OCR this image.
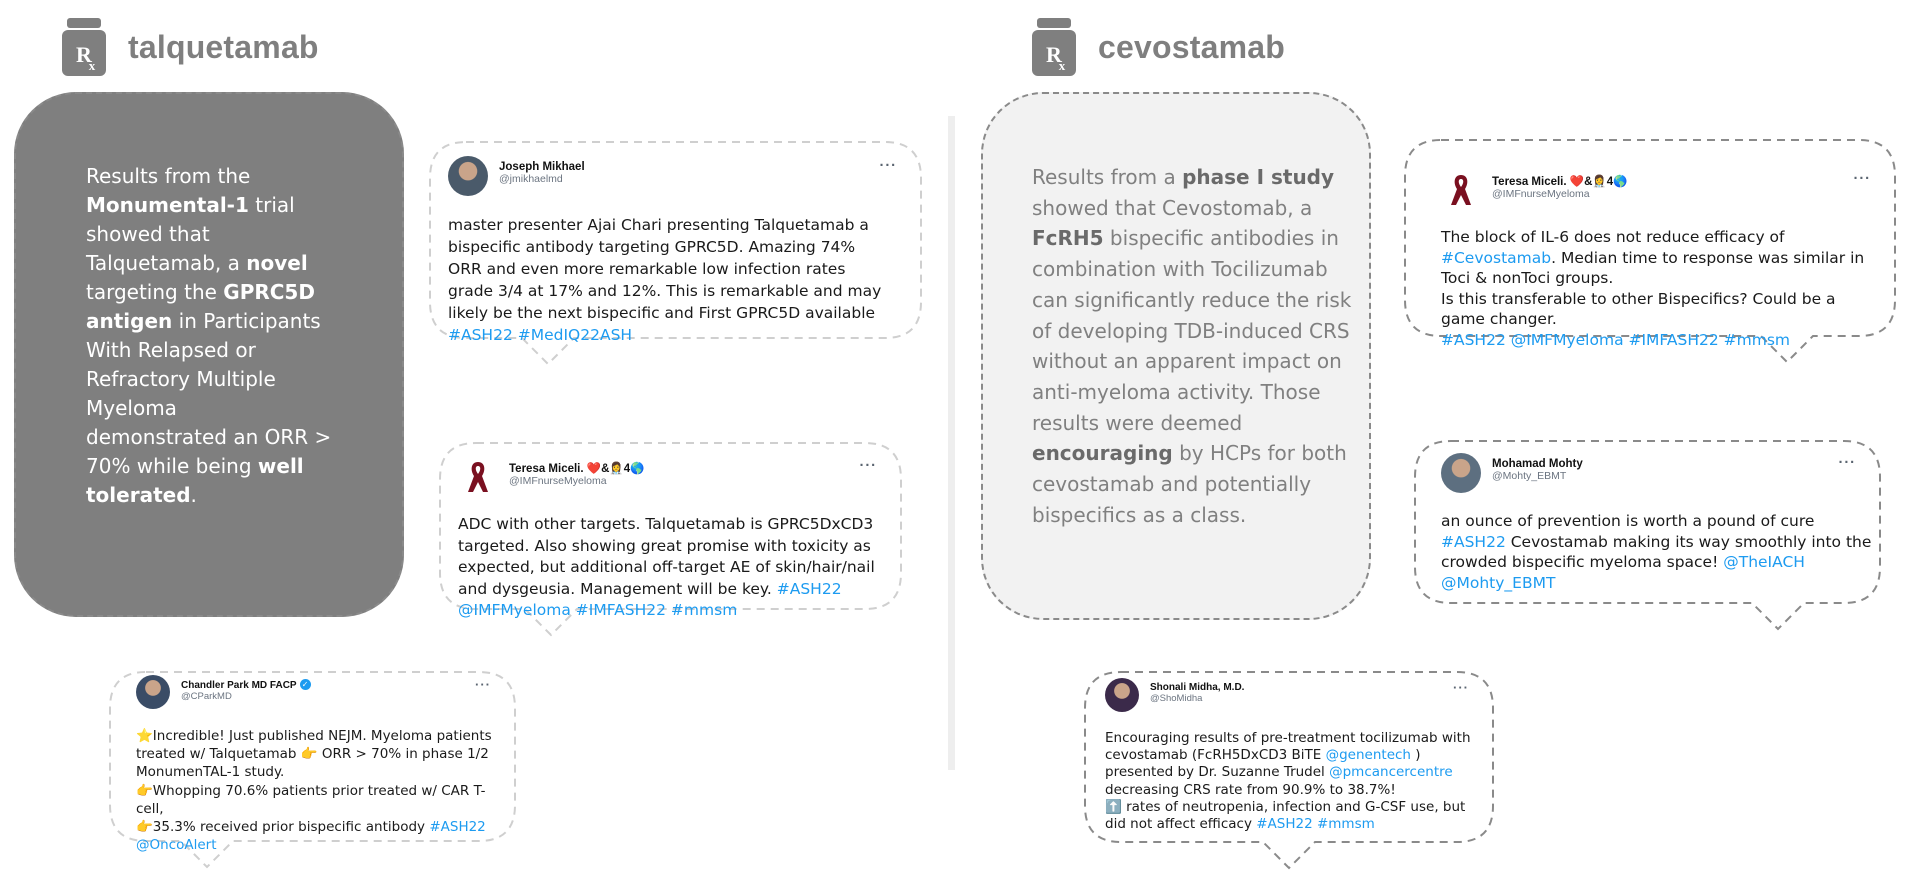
R
x
talquetamab	R
x
cevostamab
Results from the
Monumental-1 trial
showed that
Talquetamab, a novel
targeting the GPRC5D
antigen in Participants
With Relapsed or
Refractory Multiple
Myeloma
demonstrated an ORR >
70% while being well
tolerated.
Results from a phase I study
showed that Cevostomab, a
FcRH5 bispecific antibodies in
combination with Tocilizumab
can significantly reduce the risk
of developing TDB-induced CRS
without an apparent impact on
anti-myeloma activity. Those
results were deemed
encouraging by HCPs for both
cevostamab and potentially
bispecifics as a class.
Joseph Mikhael
@jmikhaelmd
···
master presenter Ajai Chari presenting Talquetamab a
bispecific antibody targeting GPRC5D. Amazing 74%
ORR and even more remarkable low infection rates
grade 3/4 at 17% and 12%. This is remarkable and may
likely be the next bispecific and First GPRC5D available
#ASH22 #MedIQ22ASH
Teresa Miceli. ❤️&👩‍⚕️4🌎
@IMFnurseMyeloma
···
ADC with other targets. Talquetamab is GPRC5DxCD3
targeted. Also showing great promise with toxicity as
expected, but additional off-target AE of skin/hair/nail
and dysgeusia. Management will be key. #ASH22
@IMFMyeloma #IMFASH22 #mmsm
Chandler Park MD FACP ✓
@CParkMD
···
⭐Incredible! Just published NEJM. Myeloma patients
treated w/ Talquetamab 👉 ORR > 70% in phase 1/2
MonumenTAL-1 study.
👉Whopping 70.6% patients prior treated w/ CAR T-
cell,
👉35.3% received prior bispecific antibody #ASH22
@OncoAlert
Teresa Miceli. ❤️&👩‍⚕️4🌎
@IMFnurseMyeloma
···
The block of IL-6 does not reduce efficacy of
#Cevostamab. Median time to response was similar in
Toci & nonToci groups.
Is this transferable to other Bispecifics? Could be a
game changer.
#ASH22 @IMFMyeloma #IMFASH22 #mmsm
Mohamad Mohty
@Mohty_EBMT
···
an ounce of prevention is worth a pound of cure
#ASH22 Cevostamab making its way smoothly into the
crowded bispecific myeloma space! @TheIACH
@Mohty_EBMT
Shonali Midha, M.D.
@ShoMidha
···
Encouraging results of pre-treatment tocilizumab with
cevostamab (FcRH5DxCD3 BiTE @genentech )
presented by Dr. Suzanne Trudel @pmcancercentre
decreasing CRS rate from 90.9% to 38.7%!
⬆️ rates of neutropenia, infection and G-CSF use, but
did not affect efficacy #ASH22 #mmsm
